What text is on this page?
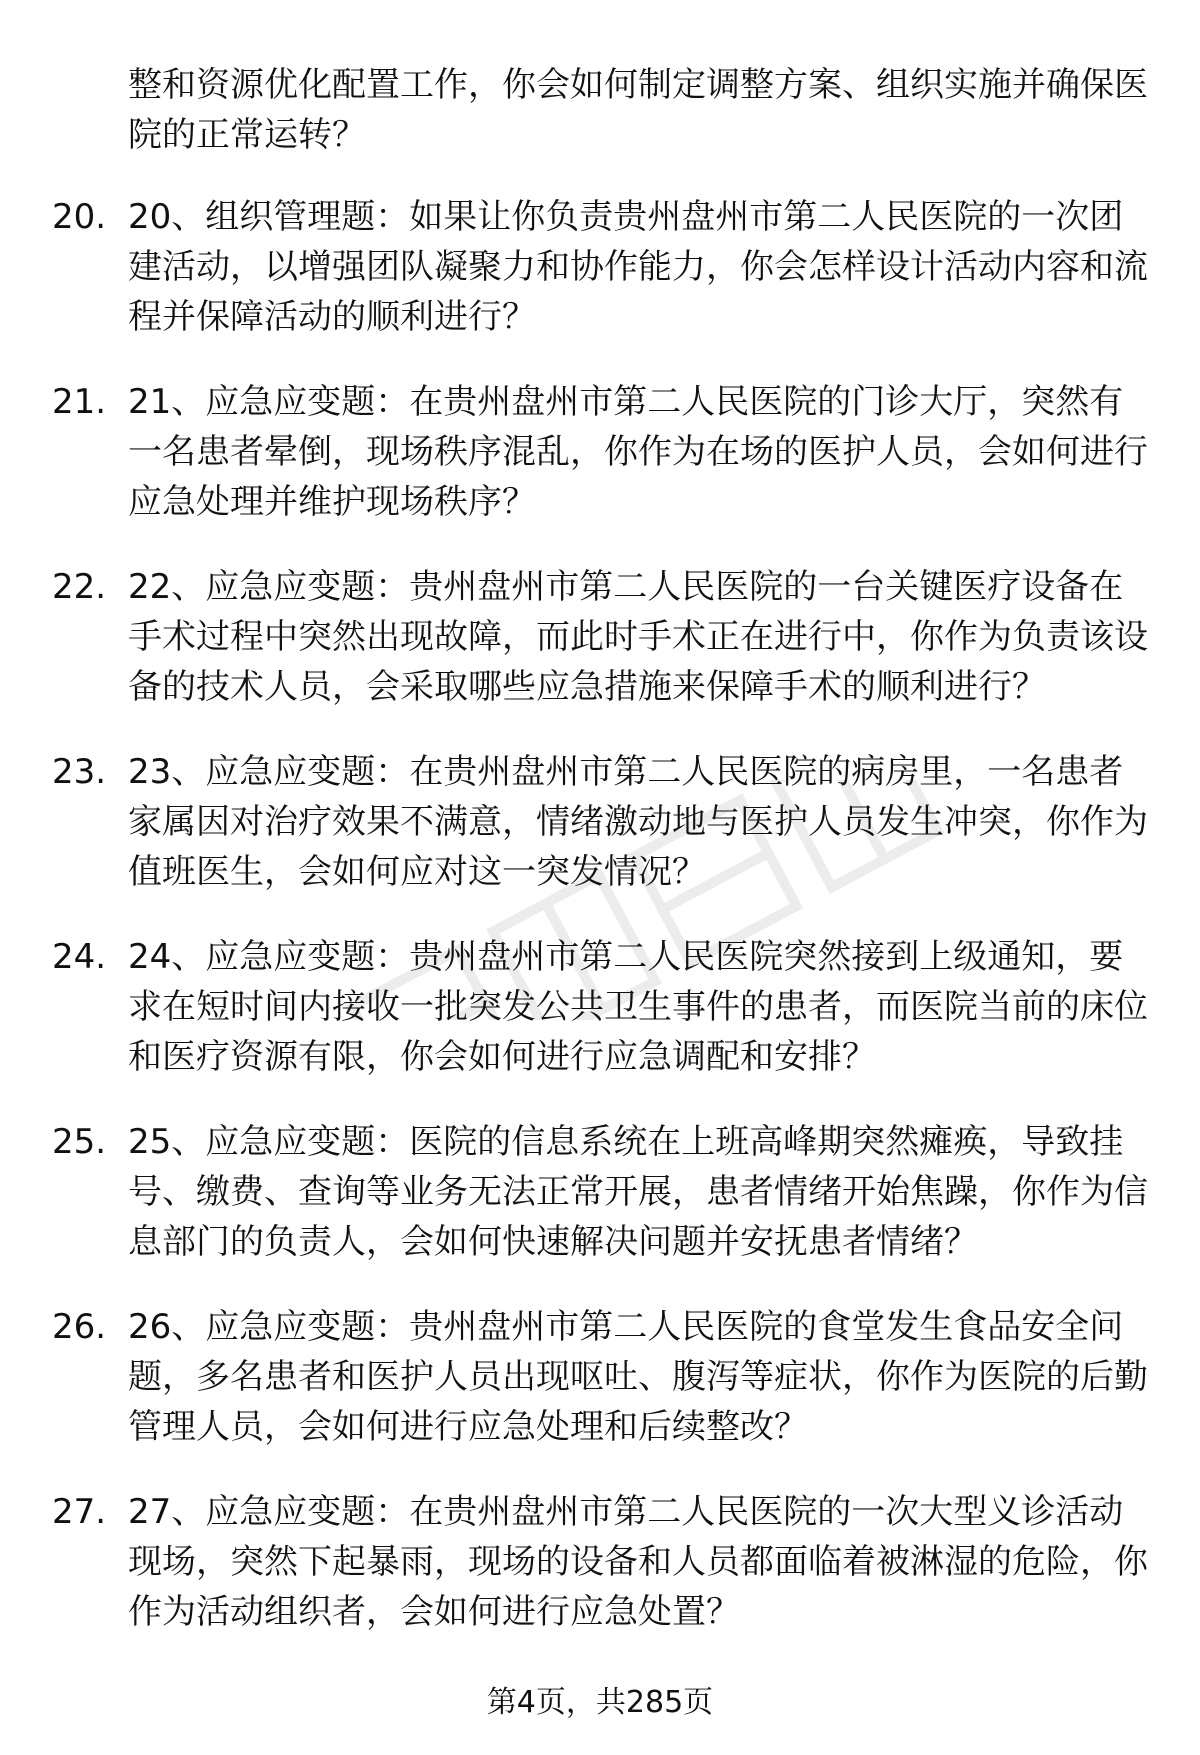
整和资源优化配置工作，你会如何制定调整方案、组织实施并确保医院的正常运转？
20. 20、组织管理题：如果让你负责贵州盘州市第二人民医院的一次团建活动，以增强团队凝聚力和协作能力，你会怎样设计活动内容和流程并保障活动的顺利进行？
21. 21、应急应变题：在贵州盘州市第二人民医院的门诊大厅，突然有一名患者晕倒，现场秩序混乱，你作为在场的医护人员，会如何进行应急处理并维护现场秩序？
22. 22、应急应变题：贵州盘州市第二人民医院的一台关键医疗设备在手术过程中突然出现故障，而此时手术正在进行中，你作为负责该设备的技术人员，会采取哪些应急措施来保障手术的顺利进行？
23. 23、应急应变题：在贵州盘州市第二人民医院的病房里，一名患者家属因对治疗效果不满意，情绪激动地与医护人员发生冲突，你作为值班医生，会如何应对这一突发情况？
24. 24、应急应变题：贵州盘州市第二人民医院突然接到上级通知，要求在短时间内接收一批突发公共卫生事件的患者，而医院当前的床位和医疗资源有限，你会如何进行应急调配和安排？
25. 25、应急应变题：医院的信息系统在上班高峰期突然瘫痪，导致挂号、缴费、查询等业务无法正常开展，患者情绪开始焦躁，你作为信息部门的负责人，会如何快速解决问题并安抚患者情绪？
26. 26、应急应变题：贵州盘州市第二人民医院的食堂发生食品安全问题，多名患者和医护人员出现呕吐、腹泻等症状，你作为医院的后勤管理人员，会如何进行应急处理和后续整改？
27. 27、应急应变题：在贵州盘州市第二人民医院的一次大型义诊活动现场，突然下起暴雨，现场的设备和人员都面临着被淋湿的危险，你作为活动组织者，会如何进行应急处置？
第4页，共285页
